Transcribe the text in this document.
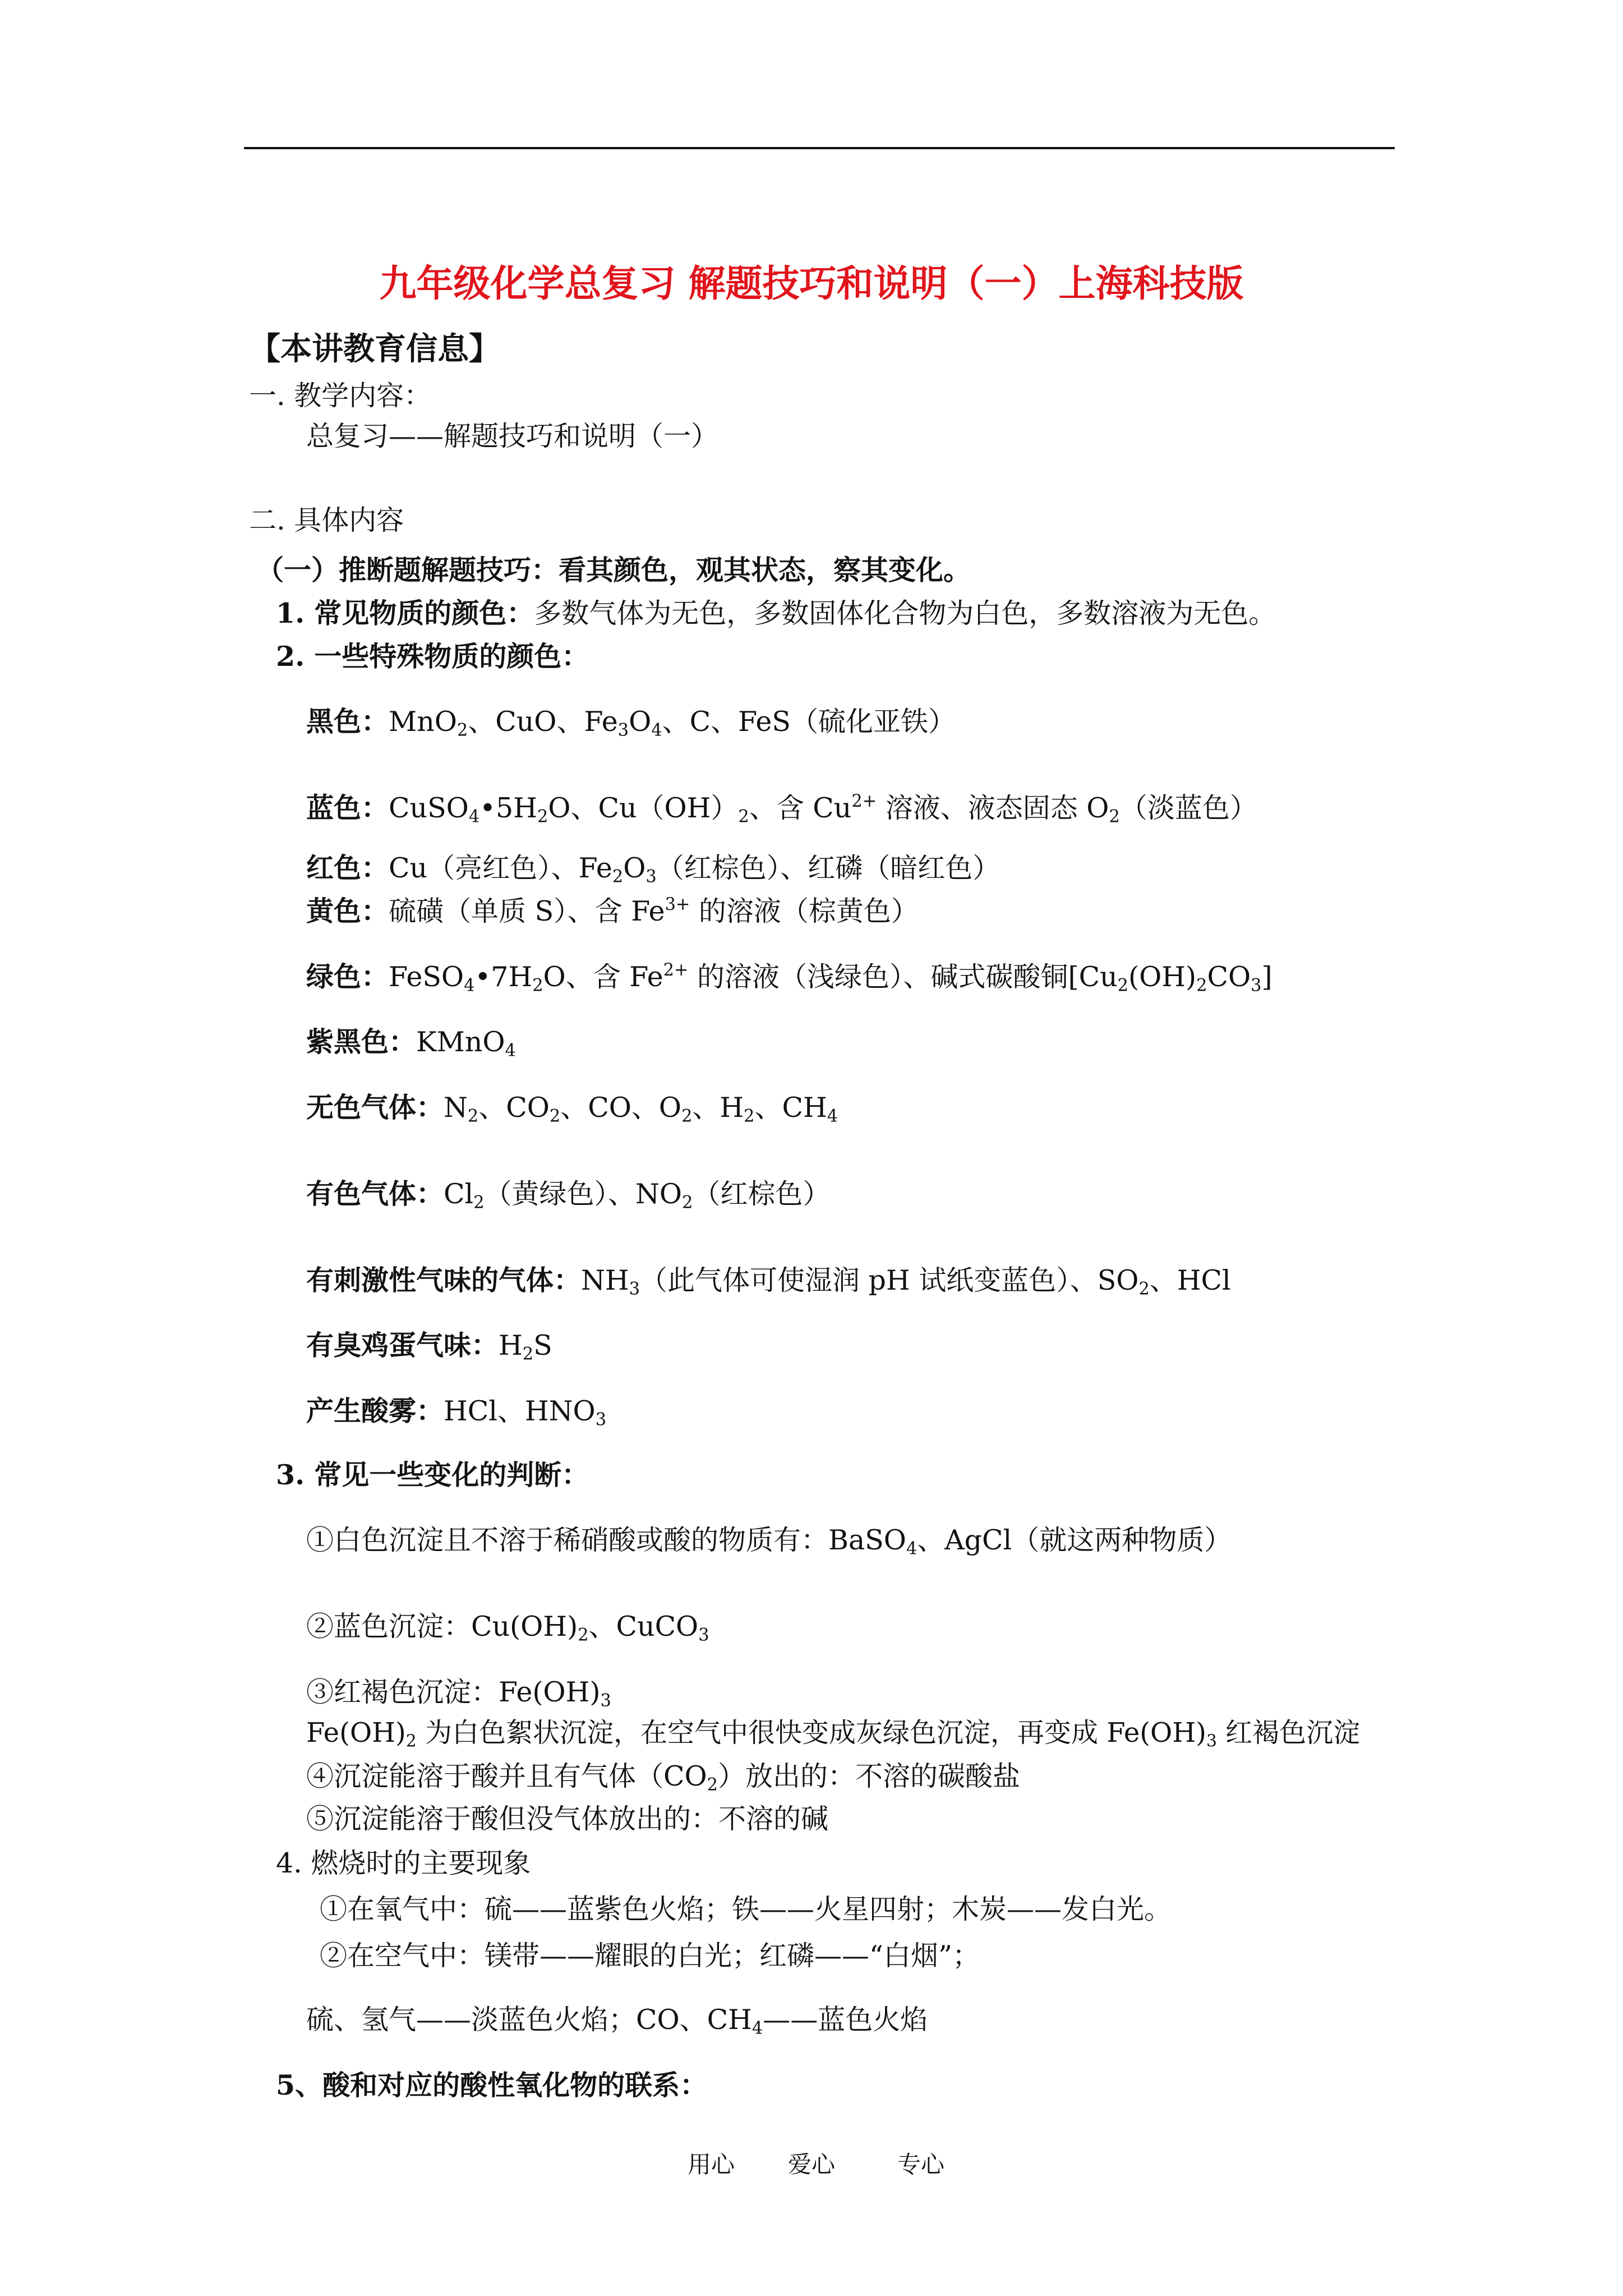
九年级化学总复习 解题技巧和说明（一）上海科技版
【本讲教育信息】
一. 教学内容：
总复习——解题技巧和说明（一）
二. 具体内容
（一）推断题解题技巧：看其颜色，观其状态，察其变化。
1. 常见物质的颜色：多数气体为无色，多数固体化合物为白色，多数溶液为无色。
2. 一些特殊物质的颜色：
黑色：MnO$_2$、CuO、$Fe_3O_4$、C、FeS（硫化亚铁）
蓝色：$CuSO_4•5H_2O$、$Cu(OH)_2$、含 $Cu^{2+}$ 溶液、液态固态 $O_2$（淡蓝色）
红色：Cu（亮红色）、$Fe_2O_3$（红棕色）、红磷（暗红色）
黄色：硫磺（单质 S）、含 $Fe^{3+}$ 的溶液（棕黄色）
绿色：$FeSO_4•7H_2O$、含 $Fe^{2+}$ 的溶液（浅绿色）、碱式碳酸铜$[Cu_2(OH)_2CO_3]$
紫黑色：KMnO$_4$
无色气体：$N_2$、$CO_2$、CO、$O_2$、$H_2$、$CH_4$
有色气体：$Cl_2$（黄绿色）、$NO_2$（红棕色）
有刺激性气味的气体：$NH_3$（此气体可使湿润 pH 试纸变蓝色）、$SO_2$、HCl
有臭鸡蛋气味：$H_2S$
产生酸雾：HCl、$HNO_3$
3. 常见一些变化的判断：
①白色沉淀且不溶于稀硝酸或酸的物质有：BaSO$_4$、AgCl（就这两种物质）
②蓝色沉淀：$Cu(OH)_2$、CuCO$_3$
③红褐色沉淀：$Fe(OH)_3$
$Fe(OH)_2$ 为白色絮状沉淀，在空气中很快变成灰绿色沉淀，再变成 $Fe(OH)_3$ 红褐色沉淀
④沉淀能溶于酸并且有气体$(CO_2)$放出的：不溶的碳酸盐
⑤沉淀能溶于酸但没气体放出的：不溶的碱
4. 燃烧时的主要现象
①在氧气中：硫——蓝紫色火焰；铁——火星四射；木炭——发白光。
②在空气中：镁带——耀眼的白光；红磷——“白烟”；
硫、氢气——淡蓝色火焰；CO、$CH_4——$蓝色火焰
5、酸和对应的酸性氧化物的联系：
用心 爱心	专心
